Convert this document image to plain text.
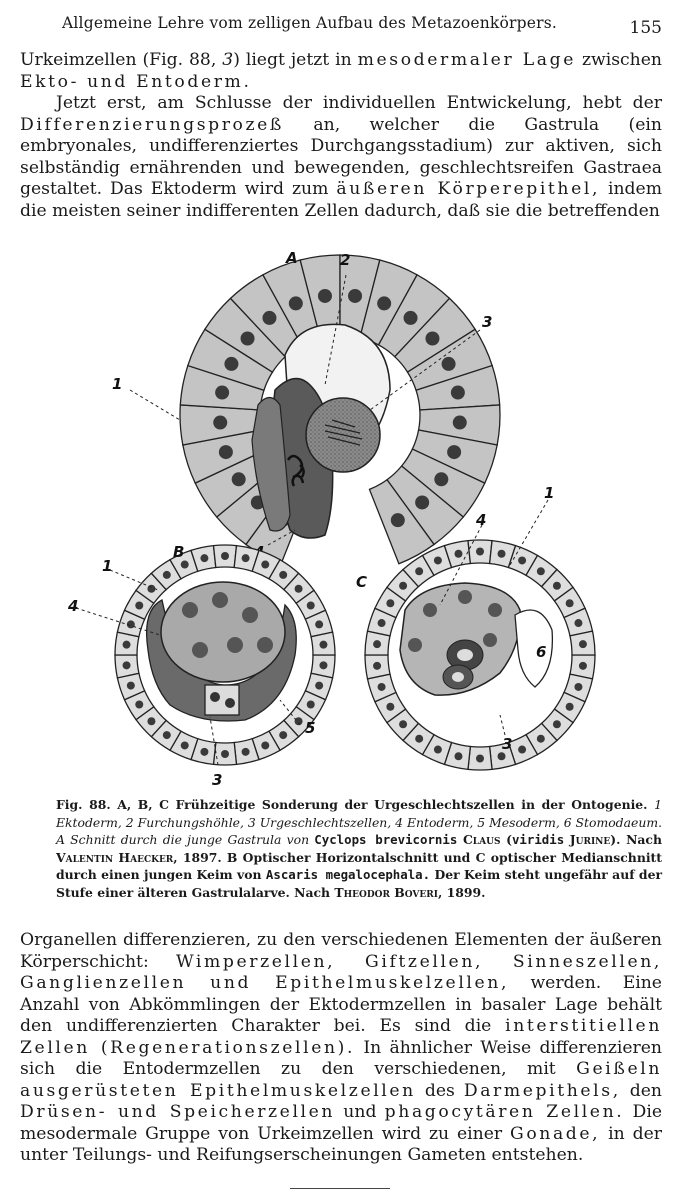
Allgemeine Lehre vom zelligen Aufbau des Metazoenkörpers.	155

Urkeimzellen (Fig. 88, 3) liegt jetzt in mesodermaler Lage zwischen Ekto- und Entoderm.

Jetzt erst, am Schlusse der individuellen Entwickelung, hebt der Differenzierungsprozeß an, welcher die Gastrula (ein embryonales, undifferenziertes Durchgangsstadium) zur aktiven, sich selbständig ernährenden und bewegenden, geschlechtsreifen Gastraea gestaltet. Das Ektoderm wird zum äußeren Körperepithel, indem die meisten seiner indifferenten Zellen dadurch, daß sie die betreffenden

A	2
3
1
B
1
4
5
3
C
1
4
6
3
Fig. 88. A, B, C Frühzeitige Sonderung der Urgeschlechtszellen in der Ontogenie. 1 Ektoderm, 2 Furchungshöhle, 3 Urgeschlechtszellen, 4 Entoderm, 5 Mesoderm, 6 Stomodaeum. A Schnitt durch die junge Gastrula von Cyclops brevicornis Claus (viridis Jurine). Nach Valentin Haecker, 1897. B Optischer Horizontalschnitt und C optischer Medianschnitt durch einen jungen Keim von Ascaris megalocephala. Der Keim steht ungefähr auf der Stufe einer älteren Gastrulalarve. Nach Theodor Boveri, 1899.

Organellen differenzieren, zu den verschiedenen Elementen der äußeren Körperschicht: Wimperzellen, Giftzellen, Sinneszellen, Ganglienzellen und Epithelmuskelzellen, werden. Eine Anzahl von Abkömmlingen der Ektodermzellen in basaler Lage behält den undifferenzierten Charakter bei. Es sind die interstitiellen Zellen (Regenerationszellen). In ähnlicher Weise differenzieren sich die Entodermzellen zu den verschiedenen, mit Geißeln ausgerüsteten Epithelmuskelzellen des Darmepithels, den Drüsen- und Speicherzellen und phagocytären Zellen. Die mesodermale Gruppe von Urkeimzellen wird zu einer Gonade, in der unter Teilungs- und Reifungserscheinungen Gameten entstehen.
